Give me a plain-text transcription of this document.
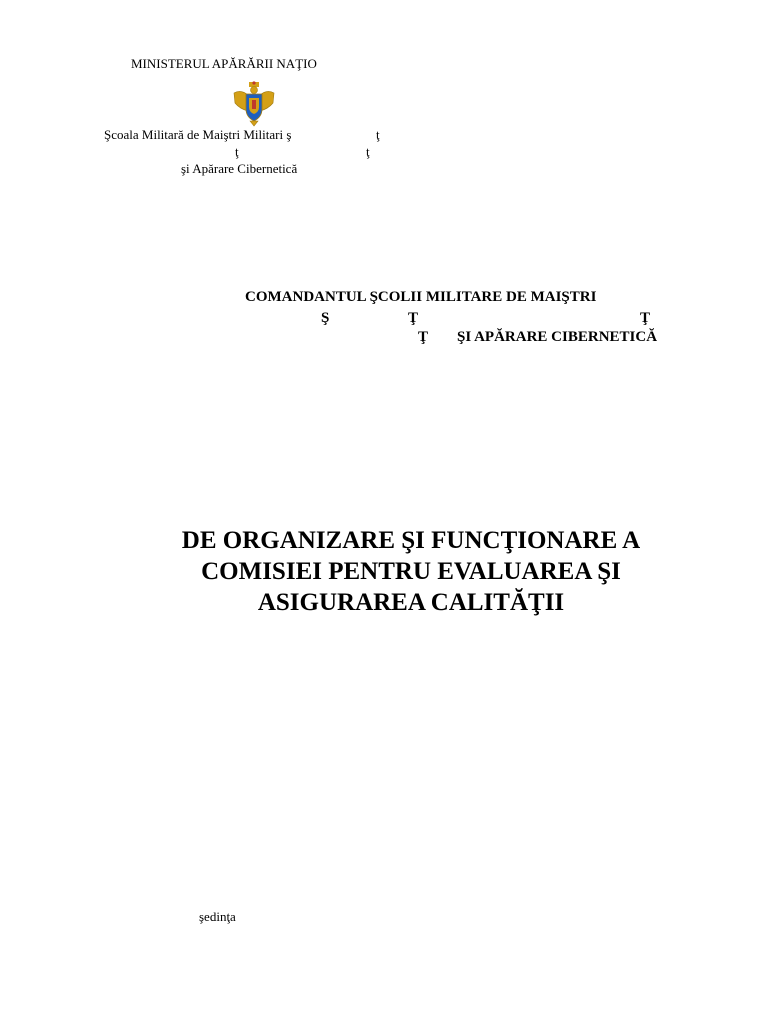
MINISTERUL APĂRĂRII NAŢIO
Şcoala Militară de Maiştri Militari ş	ţ
ţ	ţ
şi Apărare Cibernetică
COMANDANTUL ŞCOLII MILITARE DE MAIŞTRI
Ş	Ţ	Ţ
Ţ ŞI APĂRARE CIBERNETICĂ
DE ORGANIZARE ŞI FUNCŢIONARE A
COMISIEI PENTRU EVALUAREA ŞI
ASIGURAREA CALITĂŢII
şedinţa
